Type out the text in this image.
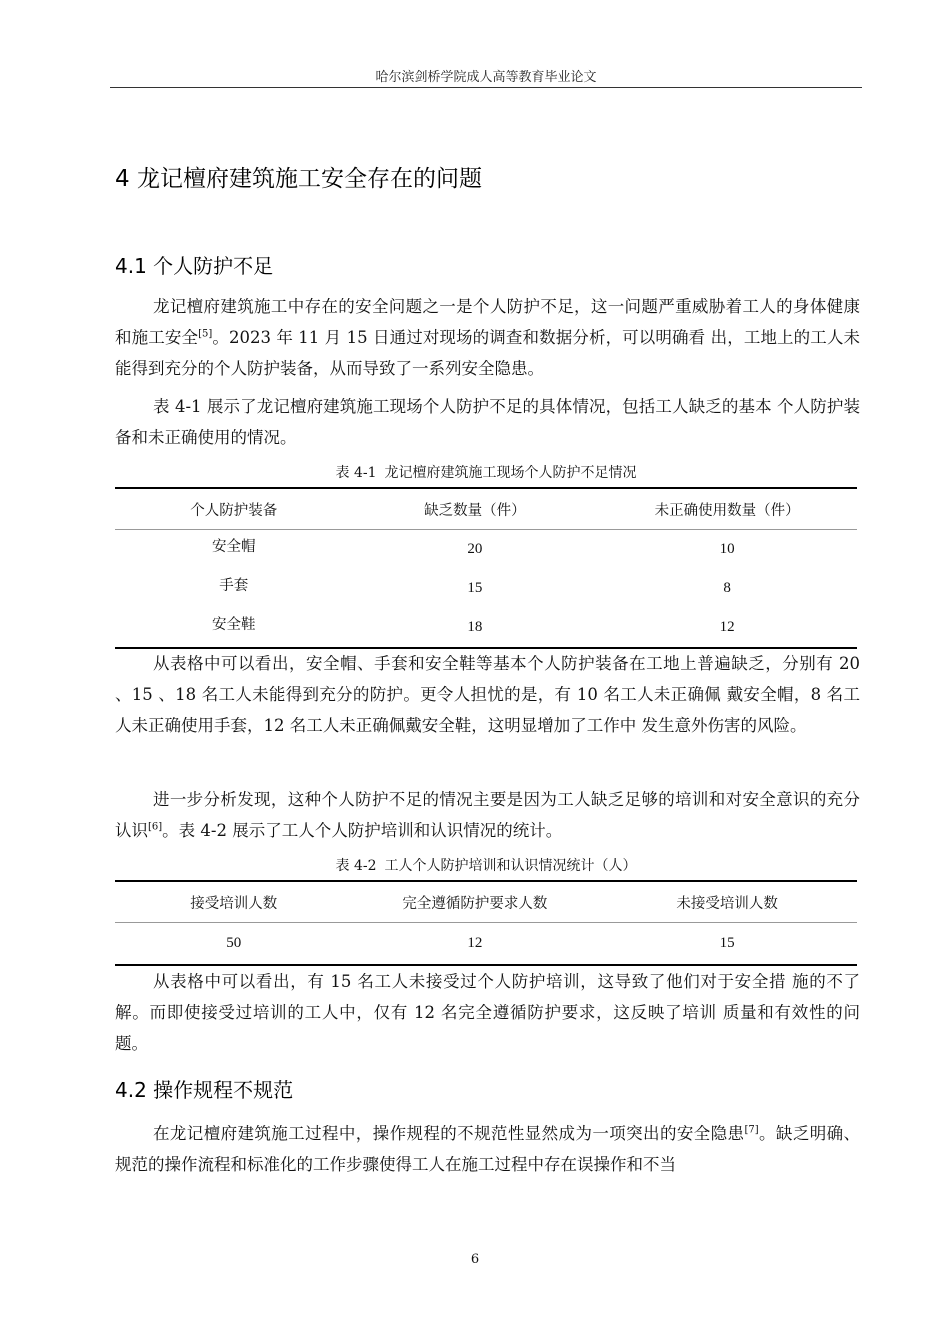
哈尔滨剑桥学院成人高等教育毕业论文
4 龙记檀府建筑施工安全存在的问题
4.1 个人防护不足
龙记檀府建筑施工中存在的安全问题之一是个人防护不足，这一问题严重威胁着工人的身体健康和施工安全[5]。2023 年 11 月 15 日通过对现场的调查和数据分析，可以明确看 出，工地上的工人未能得到充分的个人防护装备，从而导致了一系列安全隐患。
表 4-1 展示了龙记檀府建筑施工现场个人防护不足的具体情况，包括工人缺乏的基本 个人防护装备和未正确使用的情况。
表 4-1 龙记檀府建筑施工现场个人防护不足情况
个人防护装备	缺乏数量（件）	未正确使用数量（件）
安全帽	20	10
手套	15	8
安全鞋	18	12
从表格中可以看出，安全帽、手套和安全鞋等基本个人防护装备在工地上普遍缺乏，分别有 20 、15 、18 名工人未能得到充分的防护。更令人担忧的是，有 10 名工人未正确佩 戴安全帽，8 名工人未正确使用手套，12 名工人未正确佩戴安全鞋，这明显增加了工作中 发生意外伤害的风险。
进一步分析发现，这种个人防护不足的情况主要是因为工人缺乏足够的培训和对安全意识的充分认识[6]。表 4-2 展示了工人个人防护培训和认识情况的统计。
表 4-2 工人个人防护培训和认识情况统计（人）
接受培训人数	完全遵循防护要求人数	未接受培训人数
50	12	15
从表格中可以看出，有 15 名工人未接受过个人防护培训，这导致了他们对于安全措 施的不了解。而即使接受过培训的工人中，仅有 12 名完全遵循防护要求，这反映了培训 质量和有效性的问题。
4.2 操作规程不规范
在龙记檀府建筑施工过程中，操作规程的不规范性显然成为一项突出的安全隐患[7]。缺乏明确、规范的操作流程和标准化的工作步骤使得工人在施工过程中存在误操作和不当
6
